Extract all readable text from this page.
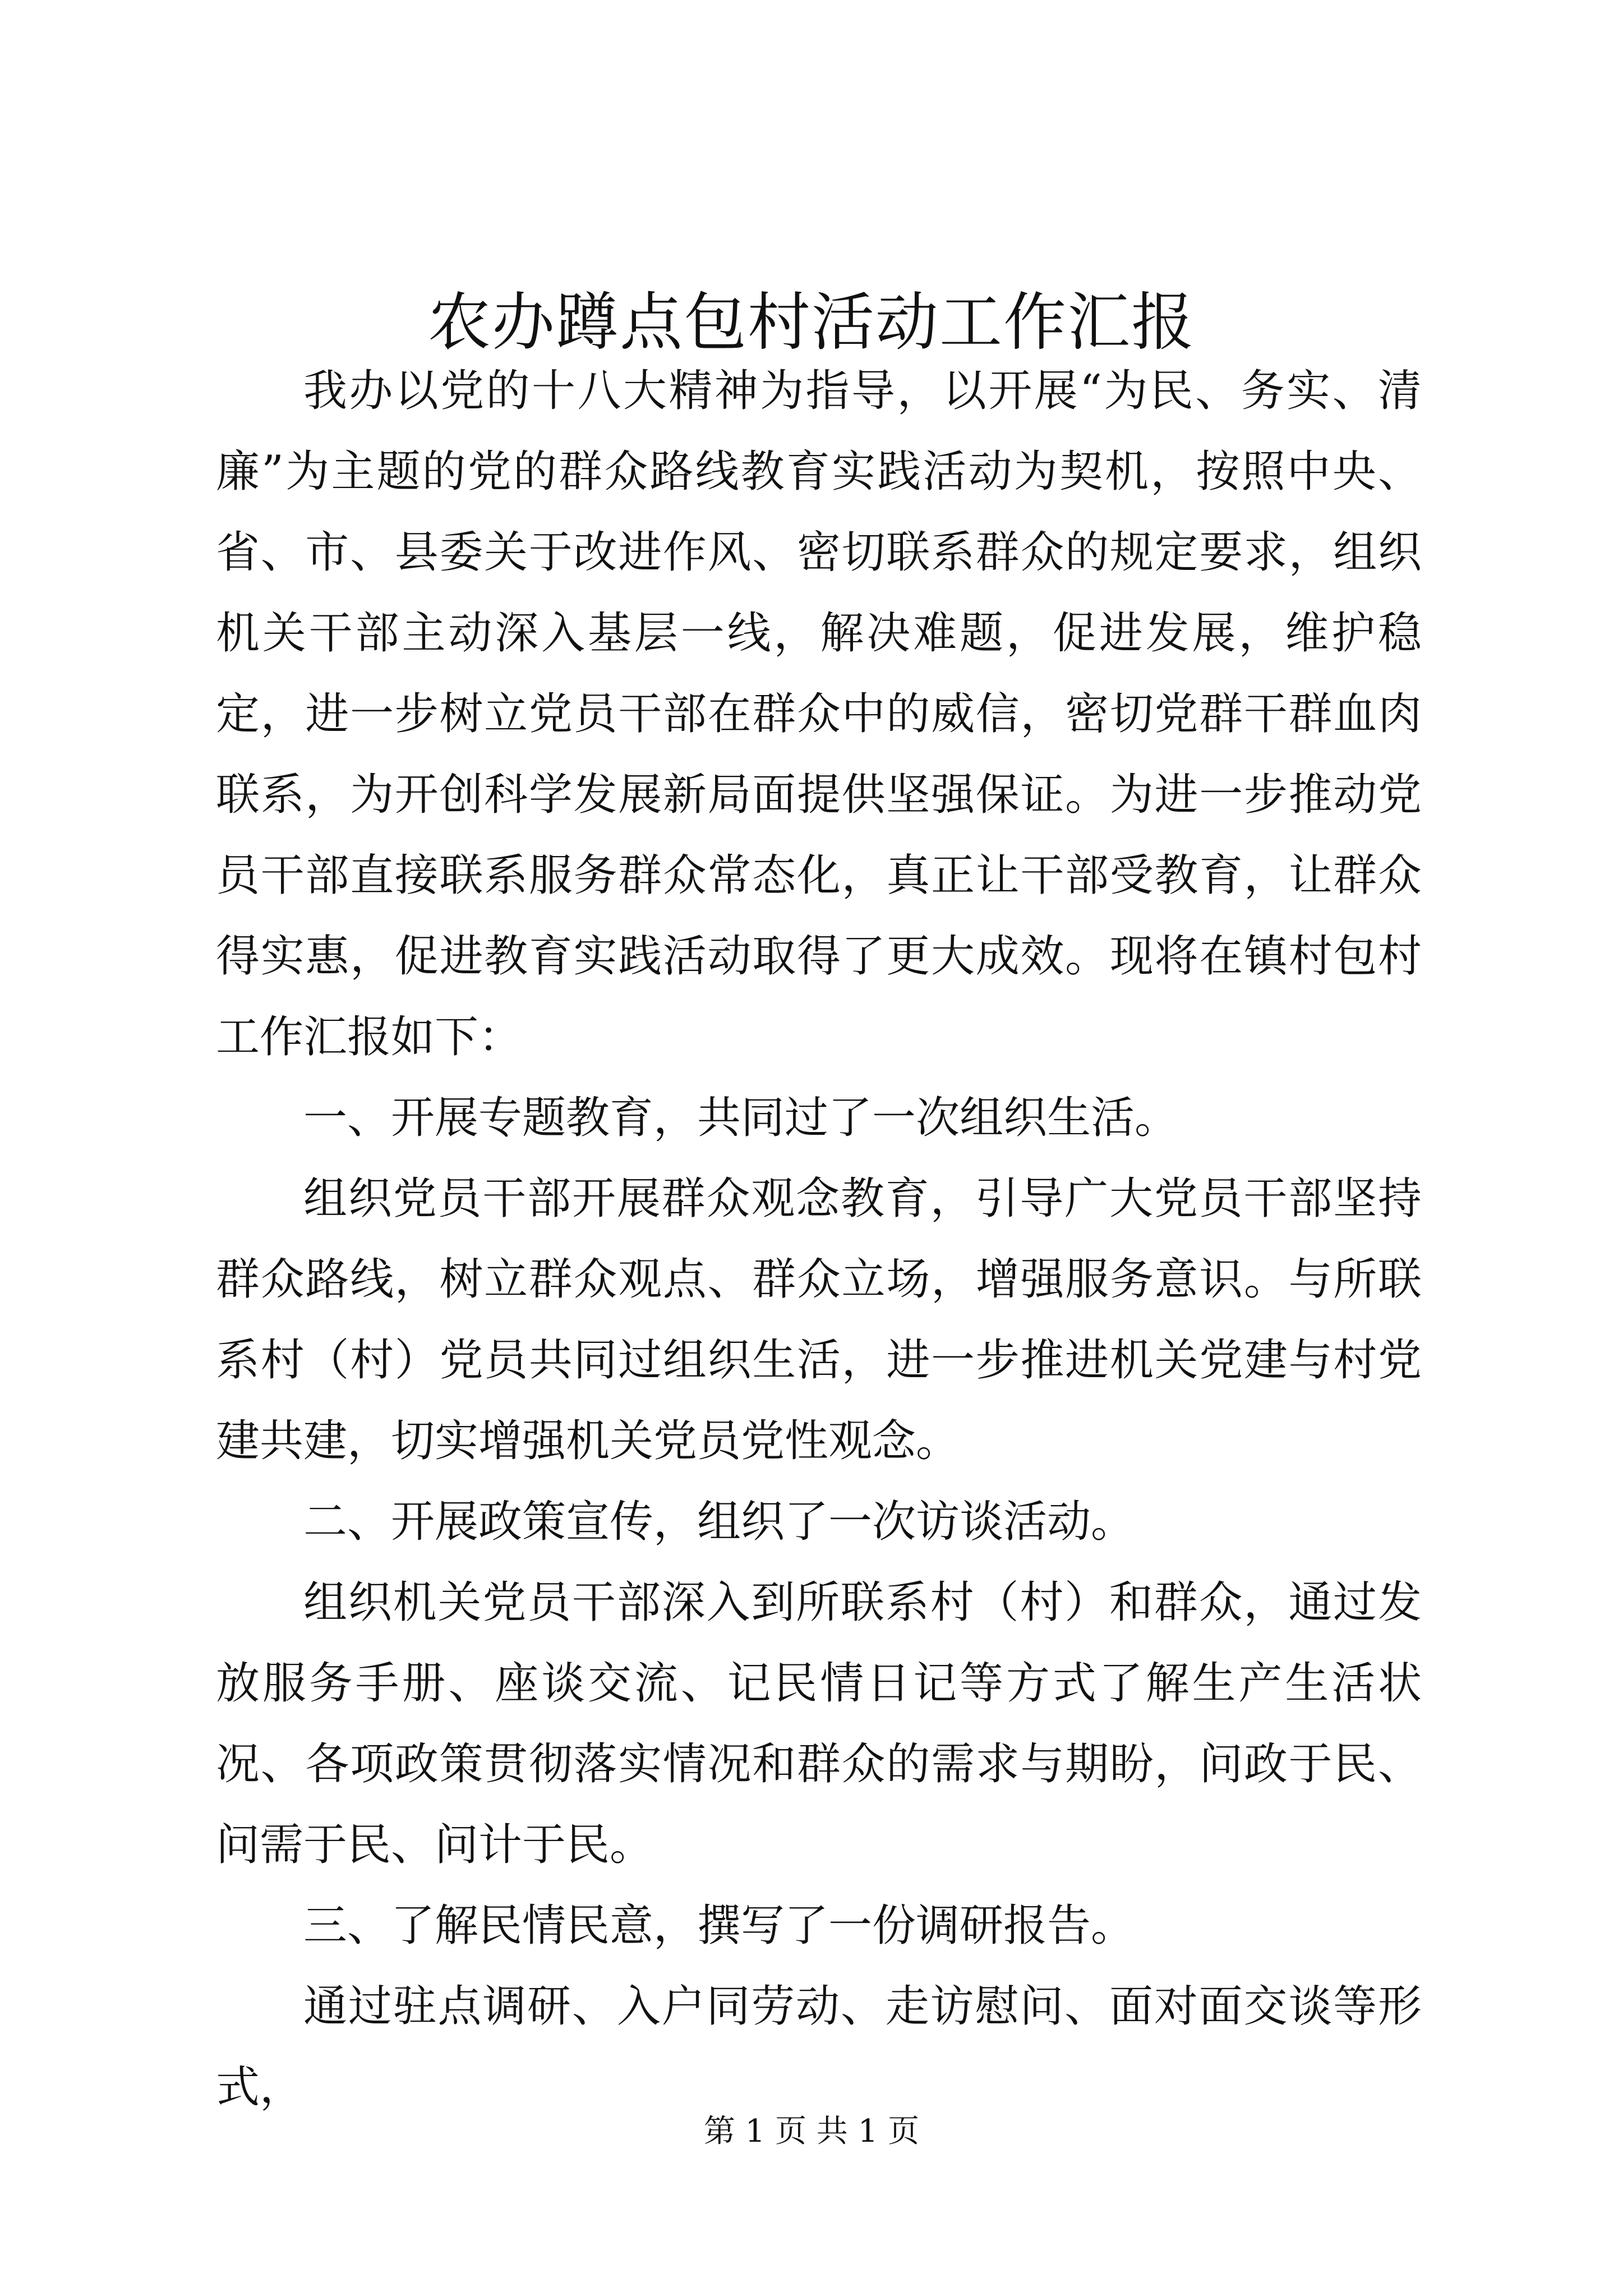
农办蹲点包村活动工作汇报

我办以党的十八大精神为指导，以开展“为民、务实、清廉”为主题的党的群众路线教育实践活动为契机，按照中央、省、市、县委关于改进作风、密切联系群众的规定要求，组织机关干部主动深入基层一线，解决难题，促进发展，维护稳定，进一步树立党员干部在群众中的威信，密切党群干群血肉联系，为开创科学发展新局面提供坚强保证。为进一步推动党员干部直接联系服务群众常态化，真正让干部受教育，让群众得实惠，促进教育实践活动取得了更大成效。现将在镇村包村工作汇报如下：

一、开展专题教育，共同过了一次组织生活。

组织党员干部开展群众观念教育，引导广大党员干部坚持群众路线，树立群众观点、群众立场，增强服务意识。与所联系村（村）党员共同过组织生活，进一步推进机关党建与村党建共建，切实增强机关党员党性观念。

二、开展政策宣传，组织了一次访谈活动。

组织机关党员干部深入到所联系村（村）和群众，通过发放服务手册、座谈交流、记民情日记等方式了解生产生活状况、各项政策贯彻落实情况和群众的需求与期盼，问政于民、问需于民、问计于民。

三、了解民情民意，撰写了一份调研报告。

通过驻点调研、入户同劳动、走访慰问、面对面交谈等形式，

第 1 页 共 1 页
